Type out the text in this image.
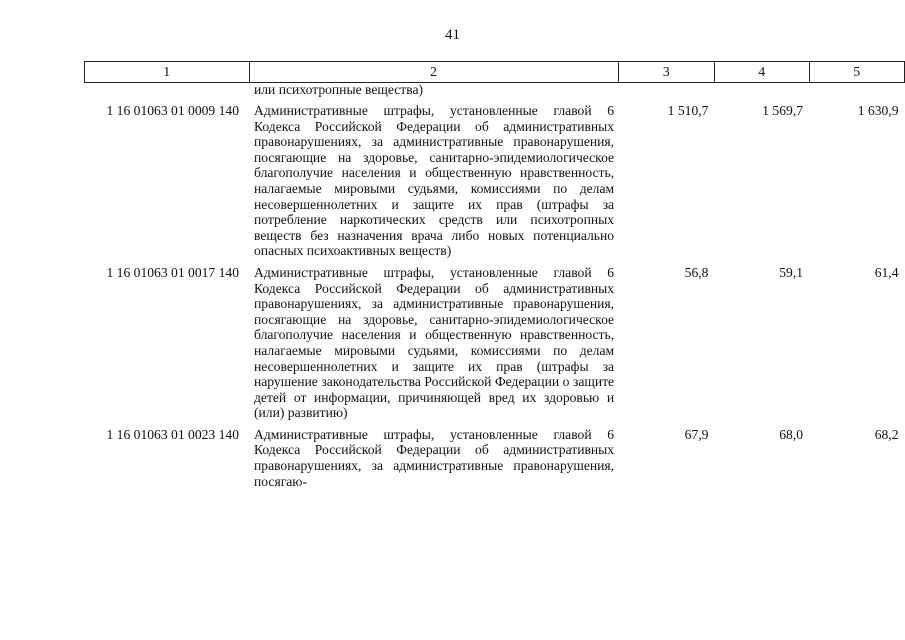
41
1	2	3	4	5
	или психотропные вещества)			
1 16 01063 01 0009 140	Административные штрафы, установленные главой 6 Кодекса Российской Федерации об административных правонарушениях, за административные правонарушения, посягающие на здоровье, санитарно-эпидемиологическое благополучие населения и общественную нравственность, налагаемые мировыми судьями, комиссиями по делам несовершеннолетних и защите их прав (штрафы за потребление наркотических средств или психотропных веществ без назначения врача либо новых потенциально опасных психоактивных веществ)	1 510,7	1 569,7	1 630,9
1 16 01063 01 0017 140	Административные штрафы, установленные главой 6 Кодекса Российской Федерации об административных правонарушениях, за административные правонарушения, посягающие на здоровье, санитарно-эпидемиологическое благополучие населения и общественную нравственность, налагаемые мировыми судьями, комиссиями по делам несовершеннолетних и защите их прав (штрафы за нарушение законодательства Российской Федерации о защите детей от информации, причиняющей вред их здоровью и (или) развитию)	56,8	59,1	61,4
1 16 01063 01 0023 140	Административные штрафы, установленные главой 6 Кодекса Российской Федерации об административных правонарушениях, за административные правонарушения, посягаю-	67,9	68,0	68,2
